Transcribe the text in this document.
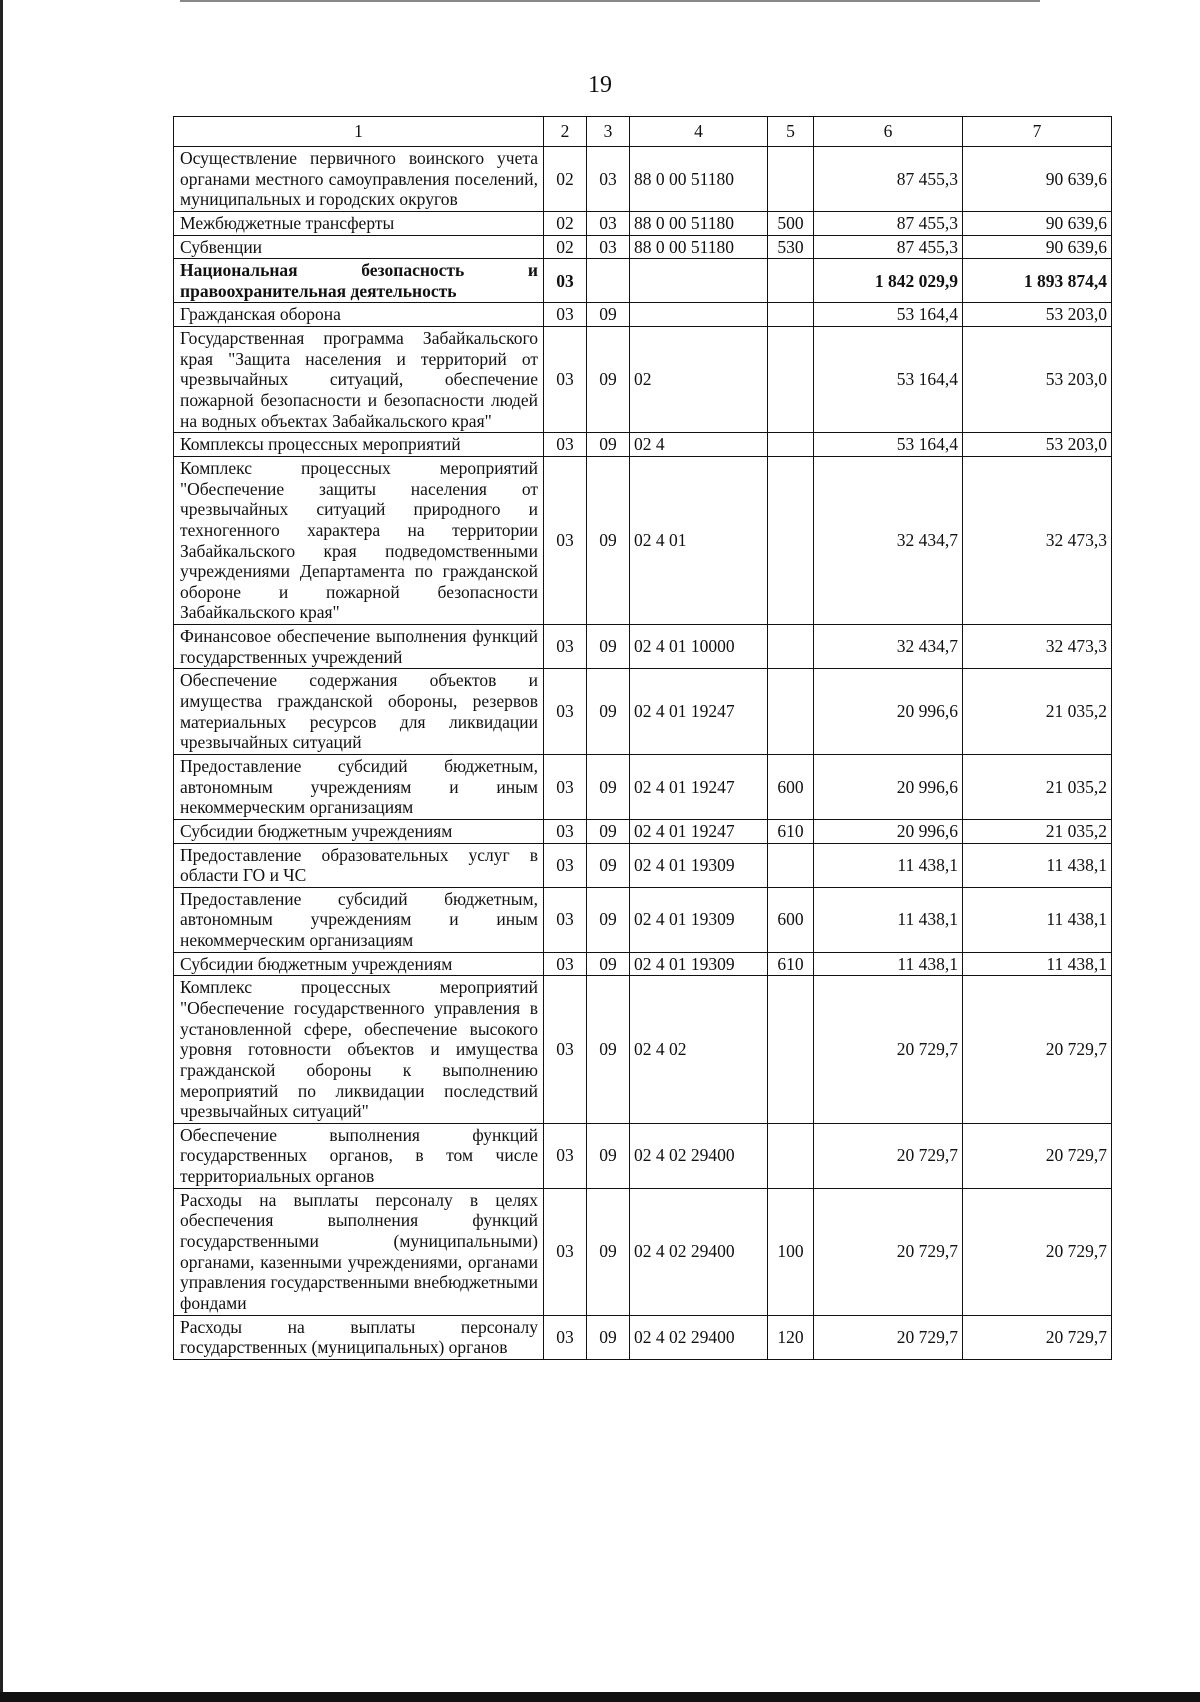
19
1	2	3	4	5	6	7
Осуществление первичного воинского учета органами местного самоуправления поселений, муниципальных и городских округов	02	03	88 0 00 51180		87 455,3	90 639,6
Межбюджетные трансферты	02	03	88 0 00 51180	500	87 455,3	90 639,6
Субвенции	02	03	88 0 00 51180	530	87 455,3	90 639,6
Национальная безопасность и правоохранительная деятельность	03				1 842 029,9	1 893 874,4
Гражданская оборона	03	09			53 164,4	53 203,0
Государственная программа Забайкальского края "Защита населения и территорий от чрезвычайных ситуаций, обеспечение пожарной безопасности и безопасности людей на водных объектах Забайкальского края"	03	09	02		53 164,4	53 203,0
Комплексы процессных мероприятий	03	09	02 4		53 164,4	53 203,0
Комплекс процессных мероприятий "Обеспечение защиты населения от чрезвычайных ситуаций природного и техногенного характера на территории Забайкальского края подведомственными учреждениями Департамента по гражданской обороне и пожарной безопасности Забайкальского края"	03	09	02 4 01		32 434,7	32 473,3
Финансовое обеспечение выполнения функций государственных учреждений	03	09	02 4 01 10000		32 434,7	32 473,3
Обеспечение содержания объектов и имущества гражданской обороны, резервов материальных ресурсов для ликвидации чрезвычайных ситуаций	03	09	02 4 01 19247		20 996,6	21 035,2
Предоставление субсидий бюджетным, автономным учреждениям и иным некоммерческим организациям	03	09	02 4 01 19247	600	20 996,6	21 035,2
Субсидии бюджетным учреждениям	03	09	02 4 01 19247	610	20 996,6	21 035,2
Предоставление образовательных услуг в области ГО и ЧС	03	09	02 4 01 19309		11 438,1	11 438,1
Предоставление субсидий бюджетным, автономным учреждениям и иным некоммерческим организациям	03	09	02 4 01 19309	600	11 438,1	11 438,1
Субсидии бюджетным учреждениям	03	09	02 4 01 19309	610	11 438,1	11 438,1
Комплекс процессных мероприятий "Обеспечение государственного управления в установленной сфере, обеспечение высокого уровня готовности объектов и имущества гражданской обороны к выполнению мероприятий по ликвидации последствий чрезвычайных ситуаций"	03	09	02 4 02		20 729,7	20 729,7
Обеспечение выполнения функций государственных органов, в том числе территориальных органов	03	09	02 4 02 29400		20 729,7	20 729,7
Расходы на выплаты персоналу в целях обеспечения выполнения функций государственными (муниципальными) органами, казенными учреждениями, органами управления государственными внебюджетными фондами	03	09	02 4 02 29400	100	20 729,7	20 729,7
Расходы на выплаты персоналу государственных (муниципальных) органов	03	09	02 4 02 29400	120	20 729,7	20 729,7
